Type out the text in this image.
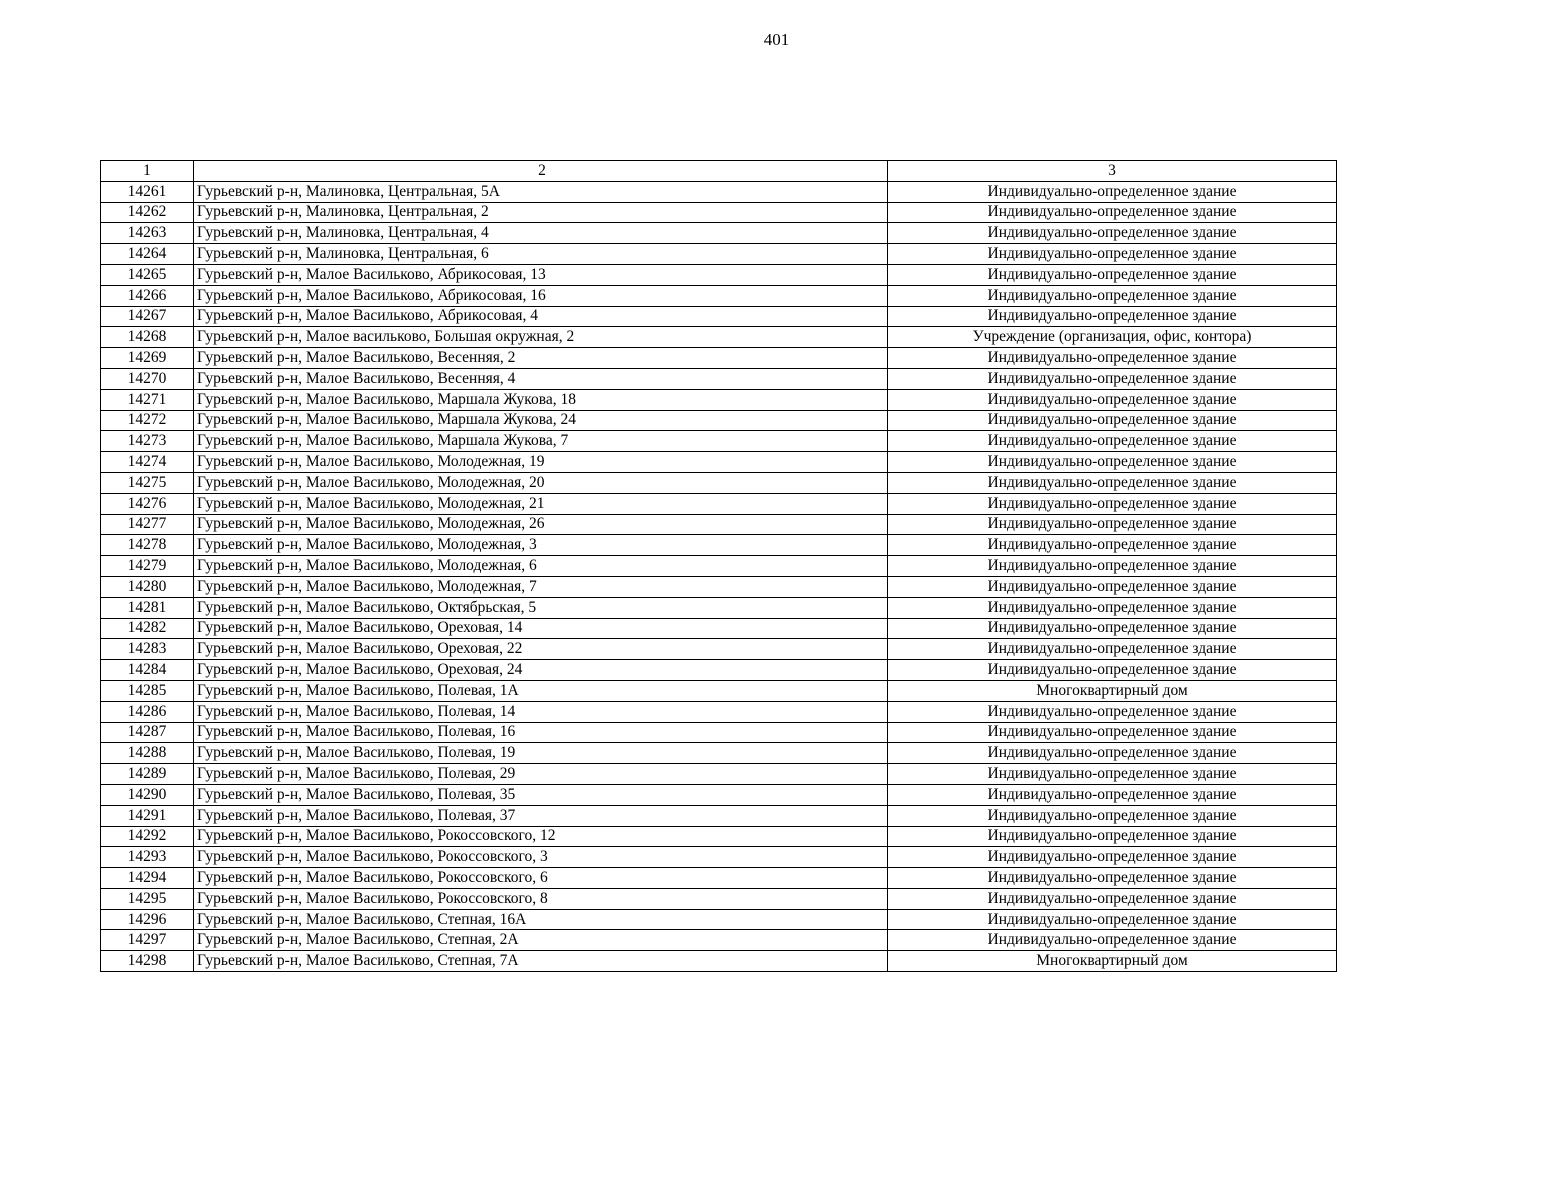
401
1	2	3
14261	Гурьевский р-н, Малиновка, Центральная, 5А	Индивидуально-определенное здание
14262	Гурьевский р-н, Малиновка, Центральная, 2	Индивидуально-определенное здание
14263	Гурьевский р-н, Малиновка, Центральная, 4	Индивидуально-определенное здание
14264	Гурьевский р-н, Малиновка, Центральная, 6	Индивидуально-определенное здание
14265	Гурьевский р-н, Малое Васильково, Абрикосовая, 13	Индивидуально-определенное здание
14266	Гурьевский р-н, Малое Васильково, Абрикосовая, 16	Индивидуально-определенное здание
14267	Гурьевский р-н, Малое Васильково, Абрикосовая, 4	Индивидуально-определенное здание
14268	Гурьевский р-н, Малое васильково, Большая окружная, 2	Учреждение (организация, офис, контора)
14269	Гурьевский р-н, Малое Васильково, Весенняя, 2	Индивидуально-определенное здание
14270	Гурьевский р-н, Малое Васильково, Весенняя, 4	Индивидуально-определенное здание
14271	Гурьевский р-н, Малое Васильково, Маршала Жукова, 18	Индивидуально-определенное здание
14272	Гурьевский р-н, Малое Васильково, Маршала Жукова, 24	Индивидуально-определенное здание
14273	Гурьевский р-н, Малое Васильково, Маршала Жукова, 7	Индивидуально-определенное здание
14274	Гурьевский р-н, Малое Васильково, Молодежная, 19	Индивидуально-определенное здание
14275	Гурьевский р-н, Малое Васильково, Молодежная, 20	Индивидуально-определенное здание
14276	Гурьевский р-н, Малое Васильково, Молодежная, 21	Индивидуально-определенное здание
14277	Гурьевский р-н, Малое Васильково, Молодежная, 26	Индивидуально-определенное здание
14278	Гурьевский р-н, Малое Васильково, Молодежная, 3	Индивидуально-определенное здание
14279	Гурьевский р-н, Малое Васильково, Молодежная, 6	Индивидуально-определенное здание
14280	Гурьевский р-н, Малое Васильково, Молодежная, 7	Индивидуально-определенное здание
14281	Гурьевский р-н, Малое Васильково, Октябрьская, 5	Индивидуально-определенное здание
14282	Гурьевский р-н, Малое Васильково, Ореховая, 14	Индивидуально-определенное здание
14283	Гурьевский р-н, Малое Васильково, Ореховая, 22	Индивидуально-определенное здание
14284	Гурьевский р-н, Малое Васильково, Ореховая, 24	Индивидуально-определенное здание
14285	Гурьевский р-н, Малое Васильково, Полевая, 1А	Многоквартирный дом
14286	Гурьевский р-н, Малое Васильково, Полевая, 14	Индивидуально-определенное здание
14287	Гурьевский р-н, Малое Васильково, Полевая, 16	Индивидуально-определенное здание
14288	Гурьевский р-н, Малое Васильково, Полевая, 19	Индивидуально-определенное здание
14289	Гурьевский р-н, Малое Васильково, Полевая, 29	Индивидуально-определенное здание
14290	Гурьевский р-н, Малое Васильково, Полевая, 35	Индивидуально-определенное здание
14291	Гурьевский р-н, Малое Васильково, Полевая, 37	Индивидуально-определенное здание
14292	Гурьевский р-н, Малое Васильково, Рокоссовского, 12	Индивидуально-определенное здание
14293	Гурьевский р-н, Малое Васильково, Рокоссовского, 3	Индивидуально-определенное здание
14294	Гурьевский р-н, Малое Васильково, Рокоссовского, 6	Индивидуально-определенное здание
14295	Гурьевский р-н, Малое Васильково, Рокоссовского, 8	Индивидуально-определенное здание
14296	Гурьевский р-н, Малое Васильково, Степная, 16А	Индивидуально-определенное здание
14297	Гурьевский р-н, Малое Васильково, Степная, 2А	Индивидуально-определенное здание
14298	Гурьевский р-н, Малое Васильково, Степная, 7А	Многоквартирный дом
